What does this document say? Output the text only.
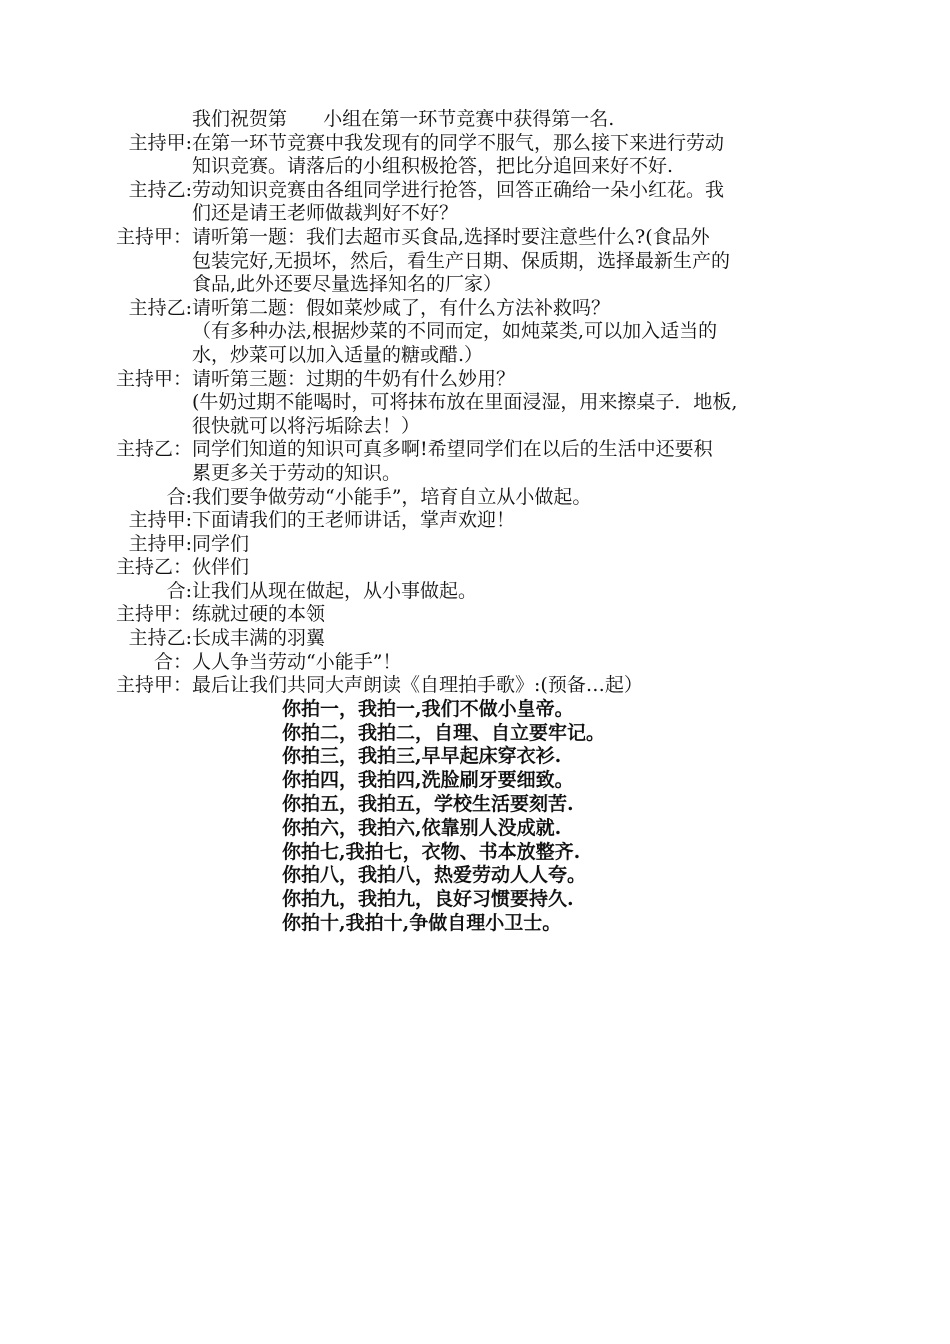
我们祝贺第      小组在第一环节竞赛中获得第一名.
主持甲: 在第一环节竞赛中我发现有的同学不服气，那么接下来进行劳动
知识竞赛。请落后的小组积极抢答，把比分追回来好不好.
主持乙: 劳动知识竞赛由各组同学进行抢答，回答正确给一朵小红花。我
们还是请王老师做裁判好不好？
主持甲： 请听第一题：我们去超市买食品,选择时要注意些什么?(食品外
包装完好,无损坏，然后，看生产日期、保质期，选择最新生产的
食品,此外还要尽量选择知名的厂家）
主持乙: 请听第二题：假如菜炒咸了，有什么方法补救吗？
（有多种办法,根据炒菜的不同而定，如炖菜类,可以加入适当的
水，炒菜可以加入适量的糖或醋.）
主持甲： 请听第三题：过期的牛奶有什么妙用？
(牛奶过期不能喝时，可将抹布放在里面浸湿，用来擦桌子．地板,
很快就可以将污垢除去！）
主持乙： 同学们知道的知识可真多啊!希望同学们在以后的生活中还要积
累更多关于劳动的知识。
合: 我们要争做劳动“小能手”，培育自立从小做起。
主持甲: 下面请我们的王老师讲话，掌声欢迎！
主持甲: 同学们
主持乙： 伙伴们
合: 让我们从现在做起，从小事做起。
主持甲： 练就过硬的本领
主持乙: 长成丰满的羽翼
合： 人人争当劳动“小能手”！
主持甲： 最后让我们共同大声朗读《自理拍手歌》:(预备…起）
你拍一，我拍一,我们不做小皇帝。
你拍二，我拍二，自理、自立要牢记。
你拍三，我拍三,早早起床穿衣衫.
你拍四，我拍四,洗脸刷牙要细致。
你拍五，我拍五，学校生活要刻苦.
你拍六，我拍六,依靠别人没成就.
你拍七,我拍七，衣物、书本放整齐.
你拍八，我拍八，热爱劳动人人夸。
你拍九，我拍九，良好习惯要持久.
你拍十,我拍十,争做自理小卫士。
